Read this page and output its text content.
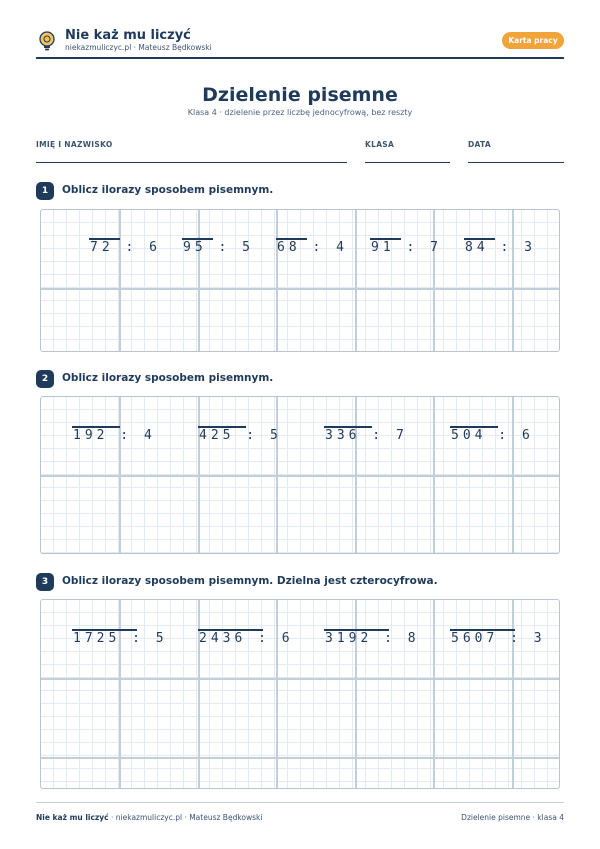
Nie każ mu liczyć
niekazmuliczyc.pl · Mateusz Będkowski
Karta pracy
Dzielenie pisemne
Klasa 4 · dzielenie przez liczbę jednocyfrową, bez reszty
IMIĘ I NAZWISKO	KLASA	DATA
1	Oblicz ilorazy sposobem pisemnym.
72 : 6 95 : 5 68 : 4 91 : 7 84 : 3
2	Oblicz ilorazy sposobem pisemnym.
192 : 4	425 : 5	336 : 7	504 : 6
3	Oblicz ilorazy sposobem pisemnym. Dzielna jest czterocyfrowa.
1725 : 5 2436 : 6 3192 : 8 5607 : 3
Nie każ mu liczyć · niekazmuliczyc.pl · Mateusz Będkowski	Dzielenie pisemne · klasa 4
